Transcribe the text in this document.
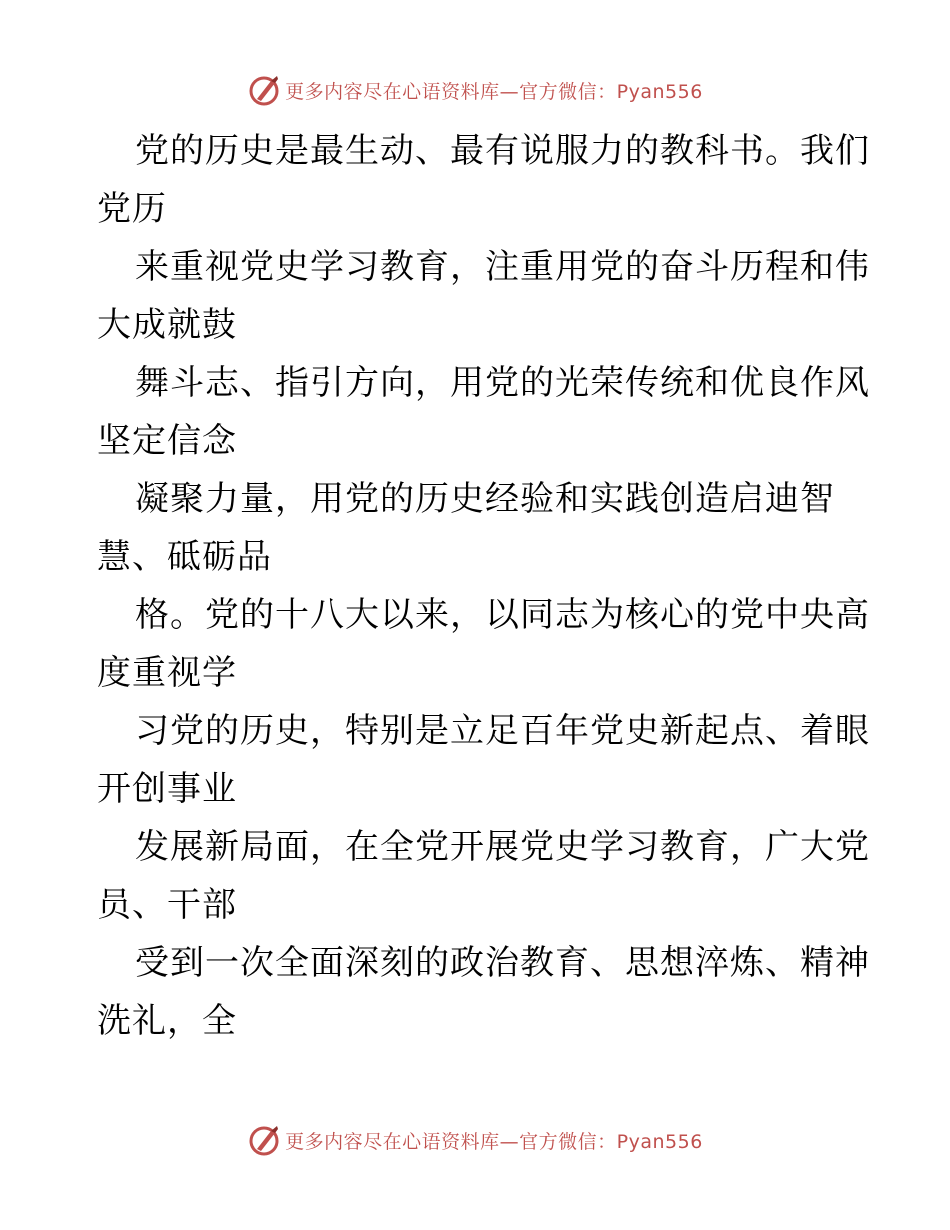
更多内容尽在心语资料库—官方微信：Pyan556

党的历史是最生动、最有说服力的教科书。我们
党历

来重视党史学习教育，注重用党的奋斗历程和伟
大成就鼓

舞斗志、指引方向，用党的光荣传统和优良作风
坚定信念

凝聚力量，用党的历史经验和实践创造启迪智
慧、砥砺品

格。党的十八大以来，以同志为核心的党中央高
度重视学

习党的历史，特别是立足百年党史新起点、着眼
开创事业

发展新局面，在全党开展党史学习教育，广大党
员、干部

受到一次全面深刻的政治教育、思想淬炼、精神
洗礼，全

更多内容尽在心语资料库—官方微信：Pyan556
